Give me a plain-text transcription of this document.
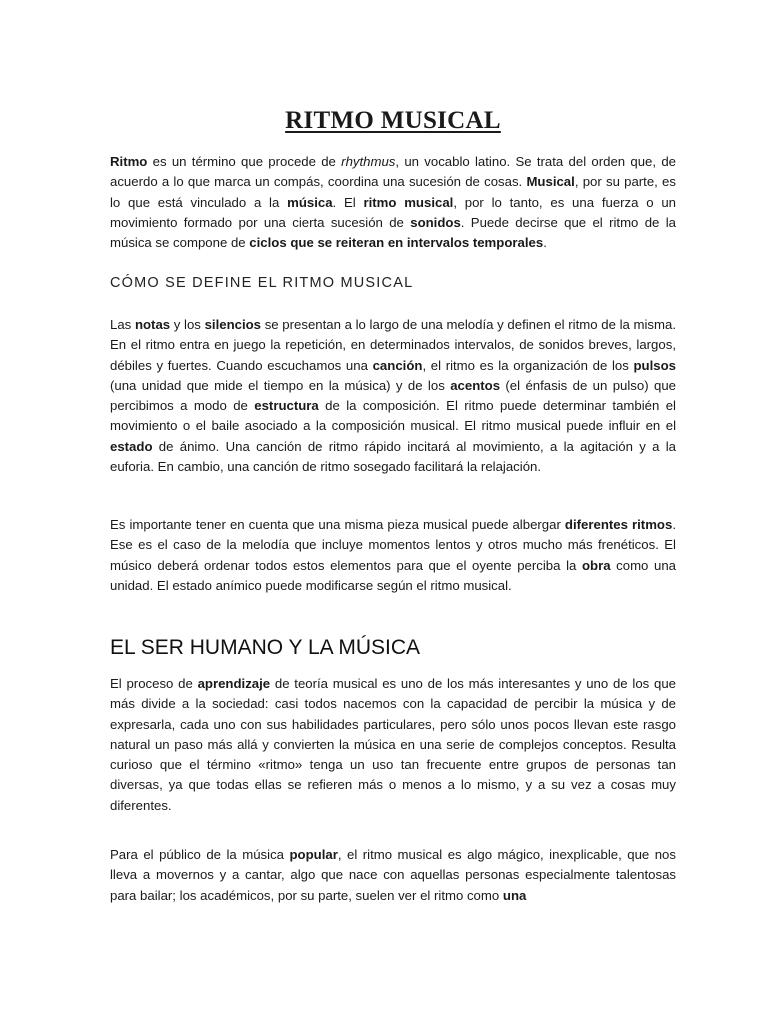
RITMO MUSICAL
Ritmo es un término que procede de rhythmus, un vocablo latino. Se trata del orden que, de acuerdo a lo que marca un compás, coordina una sucesión de cosas. Musical, por su parte, es lo que está vinculado a la música. El ritmo musical, por lo tanto, es una fuerza o un movimiento formado por una cierta sucesión de sonidos. Puede decirse que el ritmo de la música se compone de ciclos que se reiteran en intervalos temporales.
CÓMO SE DEFINE EL RITMO MUSICAL
Las notas y los silencios se presentan a lo largo de una melodía y definen el ritmo de la misma. En el ritmo entra en juego la repetición, en determinados intervalos, de sonidos breves, largos, débiles y fuertes. Cuando escuchamos una canción, el ritmo es la organización de los pulsos (una unidad que mide el tiempo en la música) y de los acentos (el énfasis de un pulso) que percibimos a modo de estructura de la composición. El ritmo puede determinar también el movimiento o el baile asociado a la composición musical. El ritmo musical puede influir en el estado de ánimo. Una canción de ritmo rápido incitará al movimiento, a la agitación y a la euforia. En cambio, una canción de ritmo sosegado facilitará la relajación.
Es importante tener en cuenta que una misma pieza musical puede albergar diferentes ritmos. Ese es el caso de la melodía que incluye momentos lentos y otros mucho más frenéticos. El músico deberá ordenar todos estos elementos para que el oyente perciba la obra como una unidad. El estado anímico puede modificarse según el ritmo musical.
EL SER HUMANO Y LA MÚSICA
El proceso de aprendizaje de teoría musical es uno de los más interesantes y uno de los que más divide a la sociedad: casi todos nacemos con la capacidad de percibir la música y de expresarla, cada uno con sus habilidades particulares, pero sólo unos pocos llevan este rasgo natural un paso más allá y convierten la música en una serie de complejos conceptos. Resulta curioso que el término «ritmo» tenga un uso tan frecuente entre grupos de personas tan diversas, ya que todas ellas se refieren más o menos a lo mismo, y a su vez a cosas muy diferentes.
Para el público de la música popular, el ritmo musical es algo mágico, inexplicable, que nos lleva a movernos y a cantar, algo que nace con aquellas personas especialmente talentosas para bailar; los académicos, por su parte, suelen ver el ritmo como una
